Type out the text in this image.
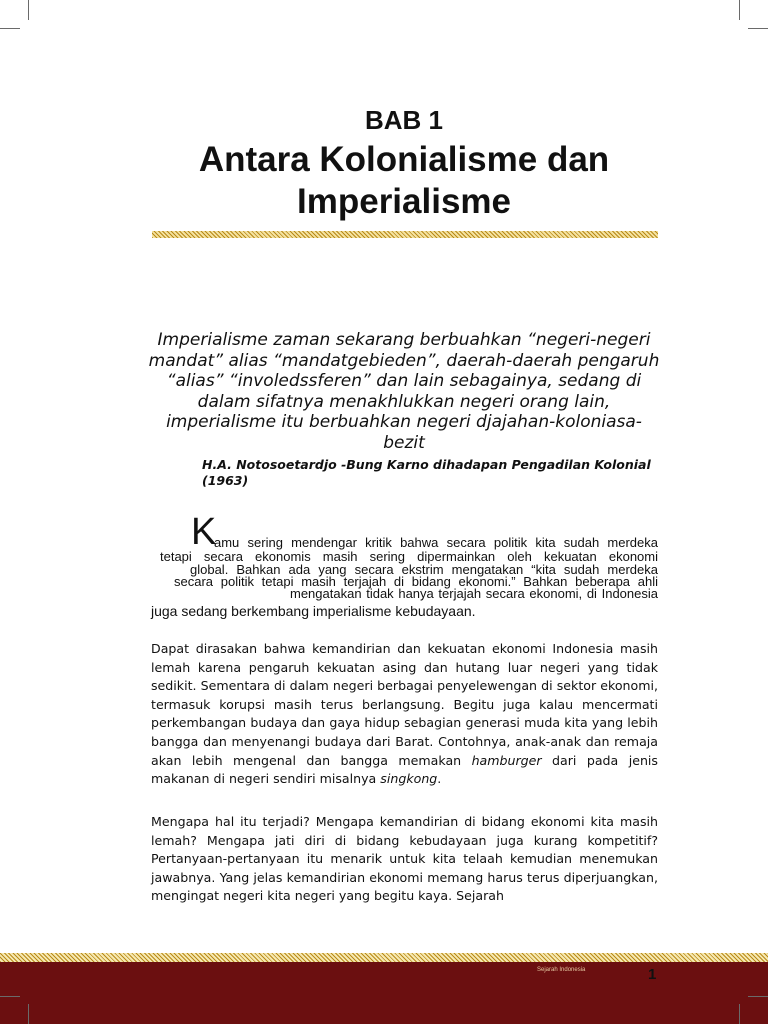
BAB 1
Antara Kolonialisme dan
Imperialisme
Imperialisme zaman sekarang berbuahkan “negeri-negeri mandat” alias “mandatgebieden”, daerah-daerah pengaruh “alias” “involedssferen” dan lain sebagainya, sedang di dalam sifatnya menakhlukkan negeri orang lain, imperialisme itu berbuahkan negeri djajahan-koloniasa-bezit
H.A. Notosoetardjo -Bung Karno dihadapan Pengadilan Kolonial (1963)
K
amu sering mendengar kritik bahwa secara politik kita sudah merdeka
tetapi secara ekonomis masih sering dipermainkan oleh kekuatan ekonomi
global. Bahkan ada yang secara ekstrim mengatakan “kita sudah merdeka
secara politik tetapi masih terjajah di bidang ekonomi.” Bahkan beberapa ahli
mengatakan tidak hanya terjajah secara ekonomi, di Indonesia
juga sedang berkembang imperialisme kebudayaan.
Dapat dirasakan bahwa kemandirian dan kekuatan ekonomi Indonesia masih lemah karena pengaruh kekuatan asing dan hutang luar negeri yang tidak sedikit. Sementara di dalam negeri berbagai penyelewengan di sektor ekonomi, termasuk korupsi masih terus berlangsung. Begitu juga kalau mencermati perkembangan budaya dan gaya hidup sebagian generasi muda kita yang lebih bangga dan menyenangi budaya dari Barat. Contohnya, anak-anak dan remaja akan lebih mengenal dan bangga memakan hamburger dari pada jenis makanan di negeri sendiri misalnya singkong.
Mengapa hal itu terjadi? Mengapa kemandirian di bidang ekonomi kita masih lemah? Mengapa jati diri di bidang kebudayaan juga kurang kompetitif? Pertanyaan-pertanyaan itu menarik untuk kita telaah kemudian menemukan jawabnya. Yang jelas kemandirian ekonomi memang harus terus diperjuangkan, mengingat negeri kita negeri yang begitu kaya. Sejarah
Sejarah Indonesia	1
